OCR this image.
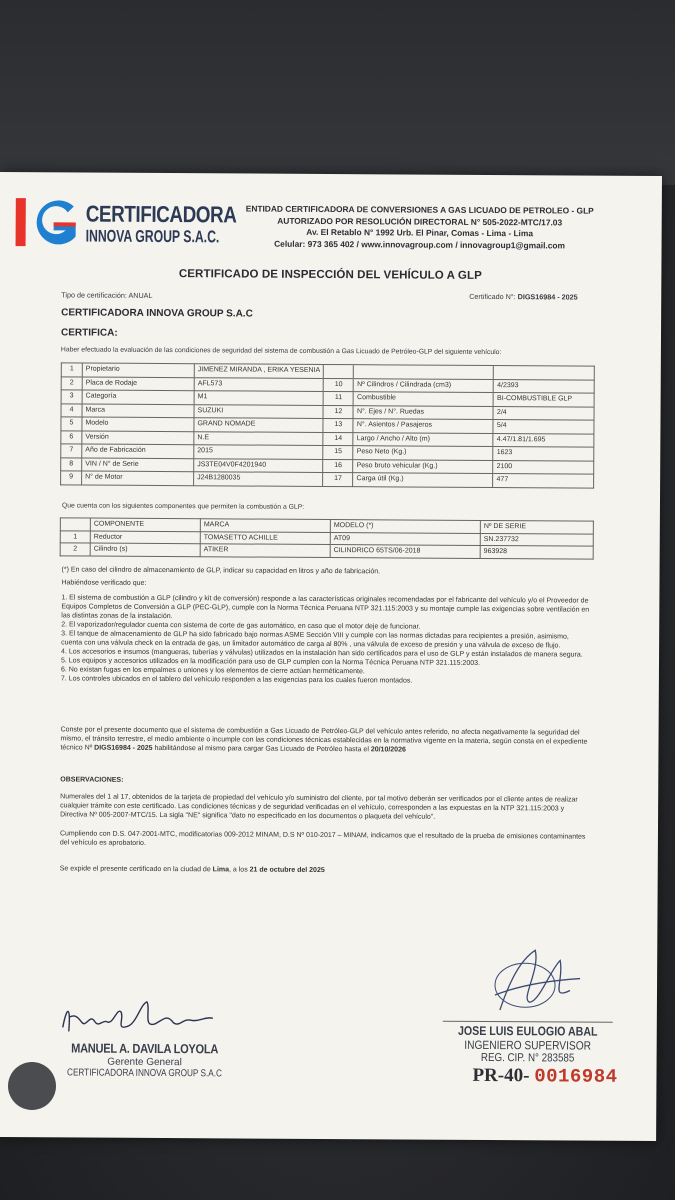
CERTIFICADORA
INNOVA GROUP S.A.C.
ENTIDAD CERTIFICADORA DE CONVERSIONES A GAS LICUADO DE PETROLEO - GLP
AUTORIZADO POR RESOLUCIÓN DIRECTORAL N° 505-2022-MTC/17.03
Av. El Retablo N° 1992 Urb. El Pinar, Comas - Lima - Lima
Celular: 973 365 402 / www.innovagroup.com / innovagroup1@gmail.com
CERTIFICADO DE INSPECCIÓN DEL VEHÍCULO A GLP
Tipo de certificación: ANUAL	Certificado N°: DIGS16984 - 2025
CERTIFICADORA INNOVA GROUP S.A.C
CERTIFICA:
Haber efectuado la evaluación de las condiciones de seguridad del sistema de combustión a Gas Licuado de Petróleo-GLP del siguiente vehículo:
1	Propietario	JIMENEZ MIRANDA , ERIKA YESENIA			
2	Placa de Rodaje	AFL573	10	Nº Cilindros / Cilindrada (cm3)	4/2393
3	Categoría	M1	11	Combustible	BI-COMBUSTIBLE GLP
4	Marca	SUZUKI	12	N°. Ejes / N°. Ruedas	2/4
5	Modelo	GRAND NOMADE	13	N°. Asientos / Pasajeros	5/4
6	Versión	N.E	14	Largo / Ancho / Alto (m)	4.47/1.81/1.695
7	Año de Fabricación	2015	15	Peso Neto (Kg.)	1623
8	VIN / N° de Serie	JS3TE04V0F4201940	16	Peso bruto vehicular (Kg.)	2100
9	N° de Motor	J24B1280035	17	Carga útil (Kg.)	477
Que cuenta con los siguientes componentes que permiten la combustión a GLP:
	COMPONENTE	MARCA	MODELO (*)	Nº DE SERIE
1	Reductor	TOMASETTO ACHILLE	AT09	SN.237732
2	Cilindro (s)	ATIKER	CILINDRICO 65TS/06-2018	963928
(*) En caso del cilindro de almacenamiento de GLP, indicar su capacidad en litros y año de fabricación.
Habiéndose verificado que:

1. El sistema de combustión a GLP (cilindro y kit de conversión) responde a las características originales recomendadas por el fabricante del vehículo y/o el Proveedor de Equipos Completos de Conversión a GLP (PEC-GLP), cumple con la Norma Técnica Peruana NTP 321.115:2003 y su montaje cumple las exigencias sobre ventilación en las distintas zonas de la instalación.

2. El vaporizador/regulador cuenta con sistema de corte de gas automático, en caso que el motor deje de funcionar.

3. El tanque de almacenamiento de GLP ha sido fabricado bajo normas ASME Sección VIII y cumple con las normas dictadas para recipientes a presión, asimismo, cuenta con una válvula check en la entrada de gas, un limitador automático de carga al 80% , una válvula de exceso de presión y una válvula de exceso de flujo.

4. Los accesorios e insumos (mangueras, tuberías y válvulas) utilizados en la instalación han sido certificados para el uso de GLP y están instalados de manera segura.

5. Los equipos y accesorios utilizados en la modificación para uso de GLP cumplen con la Norma Técnica Peruana NTP 321.115:2003.

6. No existan fugas en los empalmes o uniones y los elementos de cierre actúan herméticamente.

7. Los controles ubicados en el tablero del vehículo responden a las exigencias para los cuales fueron montados.

Conste por el presente documento que el sistema de combustión a Gas Licuado de Petróleo-GLP del vehículo antes referido, no afecta negativamente la seguridad del mismo, el tránsito terrestre, el medio ambiente o incumple con las condiciones técnicas establecidas en la normativa vigente en la materia, según consta en el expediente técnico Nº DIGS16984 - 2025 habilitándose al mismo para cargar Gas Licuado de Petróleo hasta el 20/10/2026
OBSERVACIONES:
Numerales del 1 al 17, obtenidos de la tarjeta de propiedad del vehículo y/o suministro del cliente, por tal motivo deberán ser verificados por el cliente antes de realizar cualquier trámite con este certificado. Las condiciones técnicas y de seguridad verificadas en el vehículo, corresponden a las expuestas en la NTP 321.115:2003 y Directiva Nº 005-2007-MTC/15. La sigla "NE" significa "dato no especificado en los documentos o plaqueta del vehículo".
Cumpliendo con D.S. 047-2001-MTC, modificatorias 009-2012 MINAM, D.S Nº 010-2017 – MINAM, indicamos que el resultado de la prueba de emisiones contaminantes del vehículo es aprobatorio.
Se expide el presente certificado en la ciudad de Lima, a los 21 de octubre del 2025
MANUEL A. DAVILA LOYOLA
Gerente General
CERTIFICADORA INNOVA GROUP S.A.C
JOSE LUIS EULOGIO ABAL
INGENIERO SUPERVISOR
REG. CIP. N° 283585
PR-40- 0016984
